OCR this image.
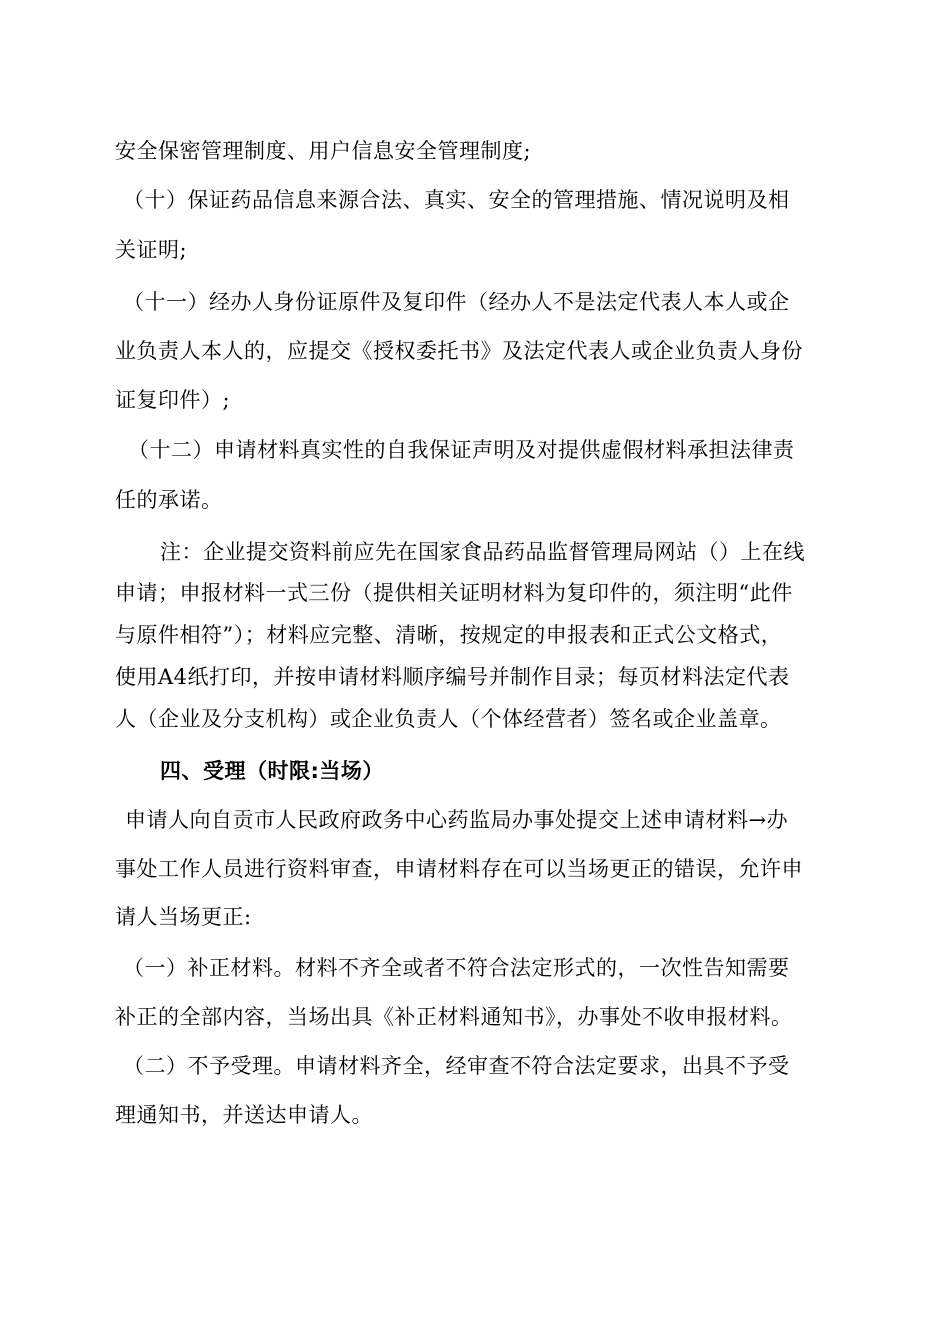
安全保密管理制度、用户信息安全管理制度;
（十）保证药品信息来源合法、真实、安全的管理措施、情况说明及相
关证明;
（十一）经办人身份证原件及复印件（经办人不是法定代表人本人或企
业负责人本人的，应提交《授权委托书》及法定代表人或企业负责人身份
证复印件）;
（十二）申请材料真实性的自我保证声明及对提供虚假材料承担法律责
任的承诺。
注：企业提交资料前应先在国家食品药品监督管理局网站（）上在线
申请；申报材料一式三份（提供相关证明材料为复印件的，须注明“此件
与原件相符”）；材料应完整、清晰，按规定的申报表和正式公文格式，
使用A4纸打印，并按申请材料顺序编号并制作目录；每页材料法定代表
人（企业及分支机构）或企业负责人（个体经营者）签名或企业盖章。
四、受理（时限:当场）
申请人向自贡市人民政府政务中心药监局办事处提交上述申请材料→办
事处工作人员进行资料审查，申请材料存在可以当场更正的错误，允许申
请人当场更正:
（一）补正材料。材料不齐全或者不符合法定形式的，一次性告知需要
补正的全部内容，当场出具《补正材料通知书》，办事处不收申报材料。
（二）不予受理。申请材料齐全，经审查不符合法定要求，出具不予受
理通知书，并送达申请人。
